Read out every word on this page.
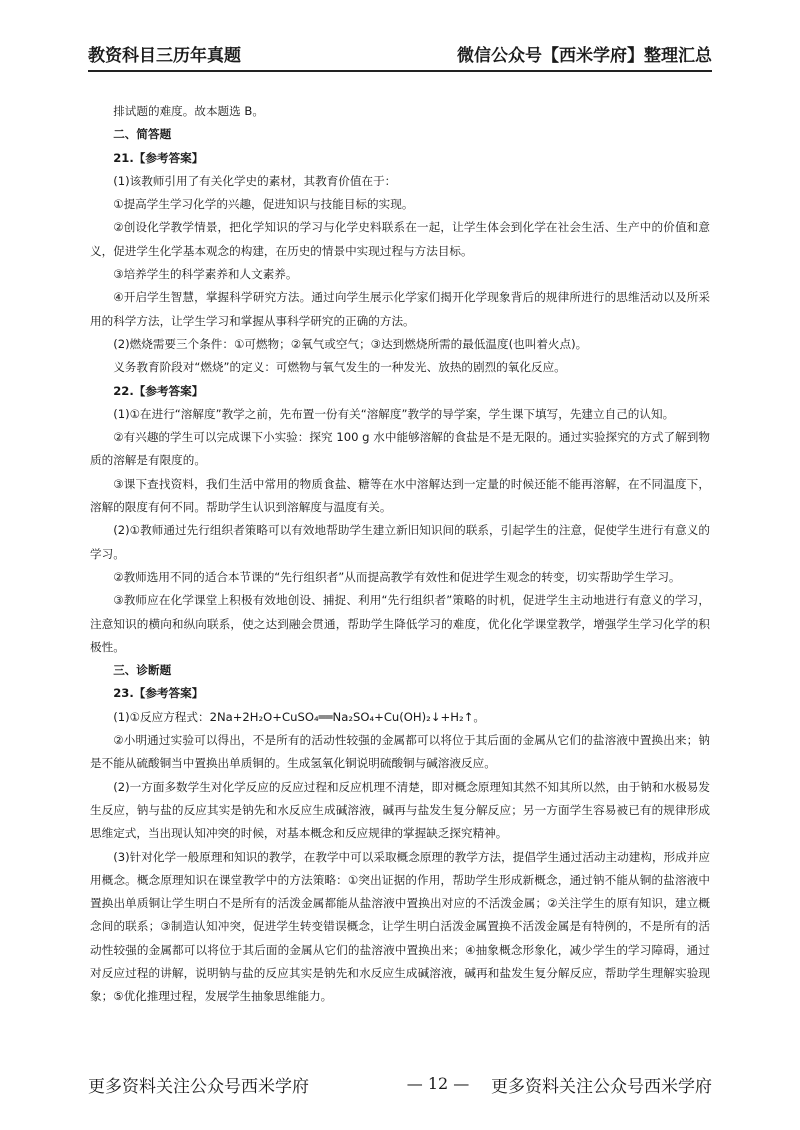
教资科目三历年真题	微信公众号【西米学府】整理汇总

排试题的难度。故本题选 B。

二、简答题

21.【参考答案】

(1)该教师引用了有关化学史的素材，其教育价值在于：

①提高学生学习化学的兴趣，促进知识与技能目标的实现。

②创设化学教学情景，把化学知识的学习与化学史料联系在一起，让学生体会到化学在社会生活、生产中的价值和意义，促进学生化学基本观念的构建，在历史的情景中实现过程与方法目标。

③培养学生的科学素养和人文素养。

④开启学生智慧，掌握科学研究方法。通过向学生展示化学家们揭开化学现象背后的规律所进行的思维活动以及所采用的科学方法，让学生学习和掌握从事科学研究的正确的方法。

(2)燃烧需要三个条件：①可燃物；②氧气或空气；③达到燃烧所需的最低温度(也叫着火点)。

义务教育阶段对“燃烧”的定义：可燃物与氧气发生的一种发光、放热的剧烈的氧化反应。

22.【参考答案】

(1)①在进行“溶解度”教学之前，先布置一份有关“溶解度”教学的导学案，学生课下填写，先建立自己的认知。

②有兴趣的学生可以完成课下小实验：探究 100 g 水中能够溶解的食盐是不是无限的。通过实验探究的方式了解到物质的溶解是有限度的。

③课下查找资料，我们生活中常用的物质食盐、糖等在水中溶解达到一定量的时候还能不能再溶解，在不同温度下，溶解的限度有何不同。帮助学生认识到溶解度与温度有关。

(2)①教师通过先行组织者策略可以有效地帮助学生建立新旧知识间的联系，引起学生的注意，促使学生进行有意义的学习。

②教师选用不同的适合本节课的“先行组织者”从而提高教学有效性和促进学生观念的转变，切实帮助学生学习。

③教师应在化学课堂上积极有效地创设、捕捉、利用“先行组织者”策略的时机，促进学生主动地进行有意义的学习，注意知识的横向和纵向联系，使之达到融会贯通，帮助学生降低学习的难度，优化化学课堂教学，增强学生学习化学的积极性。

三、诊断题

23.【参考答案】

(1)①反应方程式：2Na+2H₂O+CuSO₄══Na₂SO₄+Cu(OH)₂↓+H₂↑。

②小明通过实验可以得出，不是所有的活动性较强的金属都可以将位于其后面的金属从它们的盐溶液中置换出来；钠是不能从硫酸铜当中置换出单质铜的。生成氢氧化铜说明硫酸铜与碱溶液反应。

(2)一方面多数学生对化学反应的反应过程和反应机理不清楚，即对概念原理知其然不知其所以然，由于钠和水极易发生反应，钠与盐的反应其实是钠先和水反应生成碱溶液，碱再与盐发生复分解反应；另一方面学生容易被已有的规律形成思维定式，当出现认知冲突的时候，对基本概念和反应规律的掌握缺乏探究精神。

(3)针对化学一般原理和知识的教学，在教学中可以采取概念原理的教学方法，提倡学生通过活动主动建构，形成并应用概念。概念原理知识在课堂教学中的方法策略：①突出证据的作用，帮助学生形成新概念，通过钠不能从铜的盐溶液中置换出单质铜让学生明白不是所有的活泼金属都能从盐溶液中置换出对应的不活泼金属；②关注学生的原有知识，建立概念间的联系；③制造认知冲突，促进学生转变错误概念，让学生明白活泼金属置换不活泼金属是有特例的，不是所有的活动性较强的金属都可以将位于其后面的金属从它们的盐溶液中置换出来；④抽象概念形象化，减少学生的学习障碍，通过对反应过程的讲解，说明钠与盐的反应其实是钠先和水反应生成碱溶液，碱再和盐发生复分解反应，帮助学生理解实验现象；⑤优化推理过程，发展学生抽象思维能力。

更多资料关注公众号西米学府	— 12 —	更多资料关注公众号西米学府
